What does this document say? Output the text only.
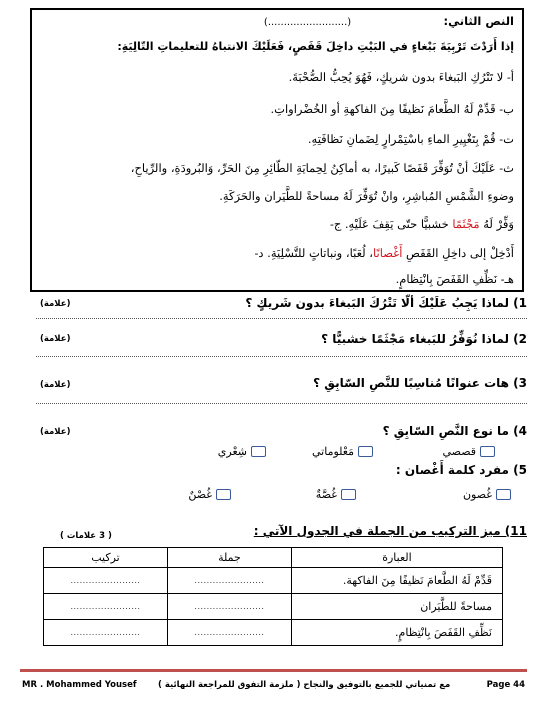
النص الثاني:  (.........................)
إذا أَرَدْتَ تَرْبِيَةَ بَبْغاءٍ في البَيْتِ داخِلَ قَفَصٍ، فَعَلَيْكَ الانتباهُ للتعليماتِ التّالِيَةِ:
أ- لا تَتْرُكِ البَبغاءَ بدون شريكٍ، فَهُوَ يُحِبُّ الصُّحْبَةَ.
ب- قَدِّمْ لَهُ الطَّعامَ نَظيفًا مِنَ الفاكهةِ أو الخُضْراواتِ.
ت- قُمْ بِتَغْيِيرِ الماءِ باسْتِمْرارٍ لِضَمانِ نَظافَتِهِ.
ث- عَلَيْكَ أنْ تُوَفِّرَ قَفَصًا كَبيرًا، به أماكِنُ لِحِمايَةِ الطّائِرِ مِنَ الحَرِّ، وَالبُرودَةِ، والرِّياحِ،
وضوءِ الشَّمْسِ المُباشِرِ، وانْ تُوَفِّرَ لَهُ مساحةً للطَّيَران والحَرَكَةِ.
وَفِّرْ لَهُ مَجْثَمًا خشبيًّا حتّى يَقِفَ عَلَيْهِ. ج-
أَدْخِلْ إلى داخِلِ القَفَصِ أَغْصانًا، لُعَبًا، ونباتاتٍ للتَّسْلِيَةِ. د-
هـ- نَظِّفِ القَفَصَ بِانْتِظامٍ.
1) لماذا يَجِبُ عَلَيْكَ ألّا تَتْرُكَ البَبغاءَ بدون شَريكٍ ؟
(علامة)
2) لماذا نُوَفِّرُ للبَبغاء مَجْثَمًا خشبيًّا ؟
(علامة)
3) هات عنوانًا مُناسِبًا للنَّصِ السّابِقِ ؟
(علامة)
4) ما نوع النَّصِ السّابِقِ ؟
(علامة)
قصصي
مَعْلوماتي
شِعْري
5) مفرد كلمة أَغْصان :
غُصون
غُصَّةٌ
غُصْنٌ
11) ميز التركيب من الجملة في الجدول الآتي :
( 3 علامات )
العبارة	جملة	تركيب
قَدِّمْ لَهُ الطَّعامَ نَظيفًا مِنَ الفاكهة.	.......................	.......................
مساحةً للطَّيَران	.......................	.......................
نَظِّفِ القَفَصَ بِانْتِظامٍ.	.......................	.......................
MR . Mohammed Yousef	مع تمنياتي للجميع بالتوفيق والنجاح ( ملزمة التفوق للمراجعة النهائية )	Page 44
